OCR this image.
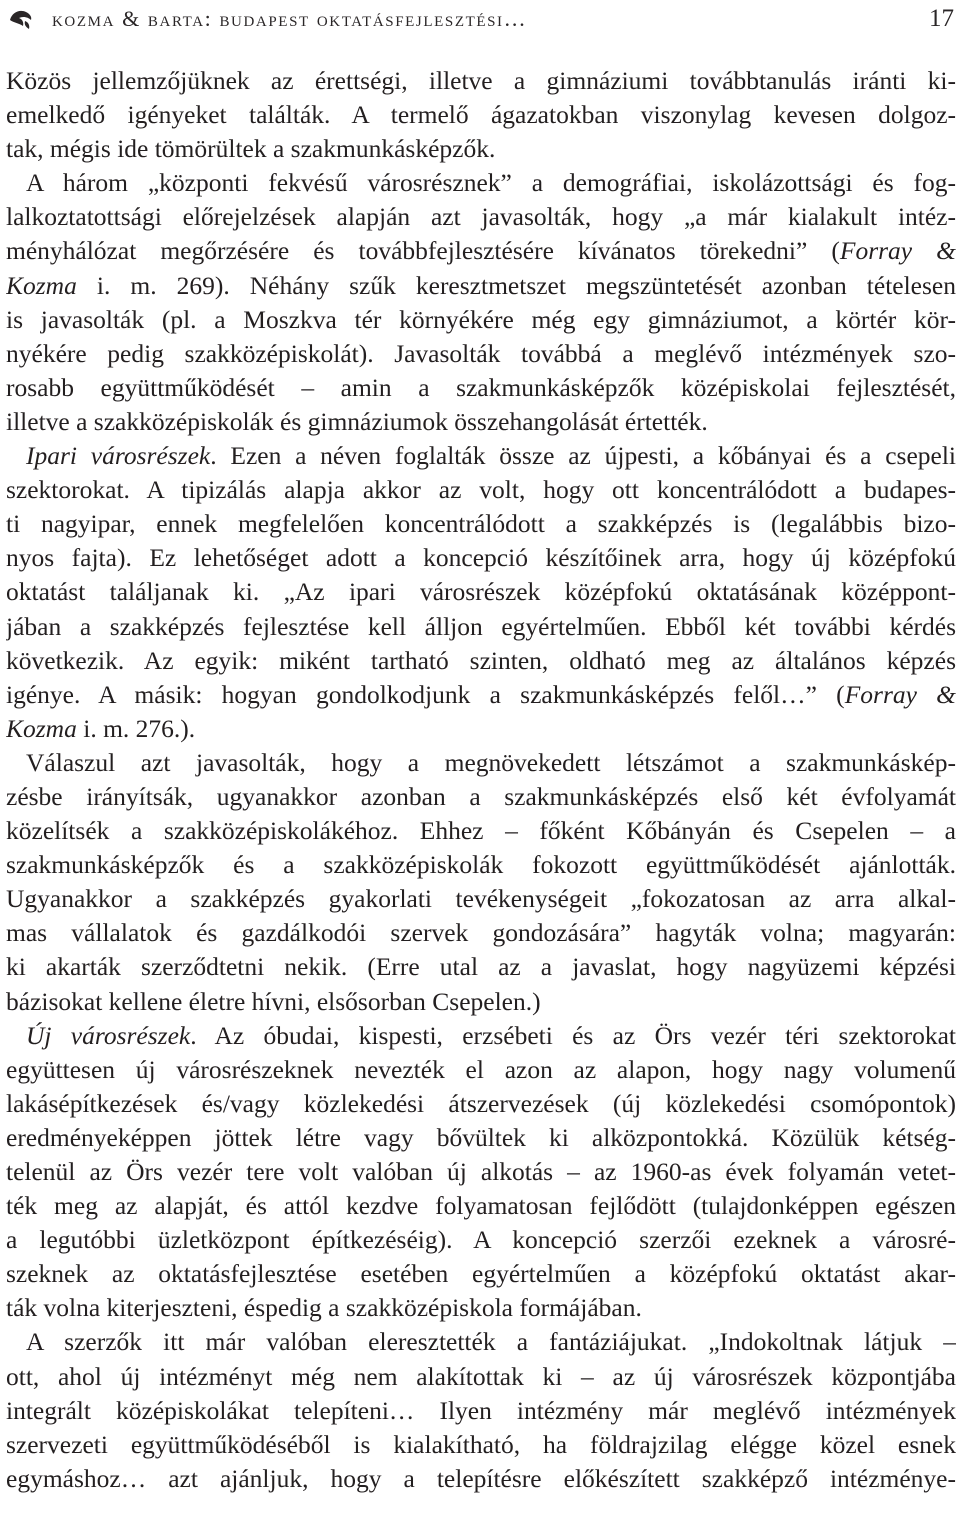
kozma & barta: budapest oktatásfejlesztési…	17
Közös jellemzőjüknek az érettségi, illetve a gimnáziumi továbbtanulás iránti ki-
emelkedő igényeket találták. A termelő ágazatokban viszonylag kevesen dolgoz-
tak, mégis ide tömörültek a szakmunkásképzők.
A három „központi fekvésű városrésznek” a demográfiai, iskolázottsági és fog-
lalkoztatottsági előrejelzések alapján azt javasolták, hogy „a már kialakult intéz-
ményhálózat megőrzésére és továbbfejlesztésére kívánatos törekedni” (Forray &
Kozma i. m. 269). Néhány szűk keresztmetszet megszüntetését azonban tételesen
is javasolták (pl. a Moszkva tér környékére még egy gimnáziumot, a körtér kör-
nyékére pedig szakközépiskolát). Javasolták továbbá a meglévő intézmények szo-
rosabb együttműködését – amin a szakmunkásképzők középiskolai fejlesztését,
illetve a szakközépiskolák és gimnáziumok összehangolását értették.
Ipari városrészek. Ezen a néven foglalták össze az újpesti, a kőbányai és a csepeli
szektorokat. A tipizálás alapja akkor az volt, hogy ott koncentrálódott a budapes-
ti nagyipar, ennek megfelelően koncentrálódott a szakképzés is (legalábbis bizo-
nyos fajta). Ez lehetőséget adott a koncepció készítőinek arra, hogy új középfokú
oktatást találjanak ki. „Az ipari városrészek középfokú oktatásának középpont-
jában a szakképzés fejlesztése kell álljon egyértelműen. Ebből két további kérdés
következik. Az egyik: miként tartható szinten, oldható meg az általános képzés
igénye. A másik: hogyan gondolkodjunk a szakmunkásképzés felől…” (Forray &
Kozma i. m. 276.).
Válaszul azt javasolták, hogy a megnövekedett létszámot a szakmunkáskép-
zésbe irányítsák, ugyanakkor azonban a szakmunkásképzés első két évfolyamát
közelítsék a szakközépiskolákéhoz. Ehhez – főként Kőbányán és Csepelen – a
szakmunkásképzők és a szakközépiskolák fokozott együttműködését ajánlották.
Ugyanakkor a szakképzés gyakorlati tevékenységeit „fokozatosan az arra alkal-
mas vállalatok és gazdálkodói szervek gondozására” hagyták volna; magyarán:
ki akarták szerződtetni nekik. (Erre utal az a javaslat, hogy nagyüzemi képzési
bázisokat kellene életre hívni, elsősorban Csepelen.)
Új városrészek. Az óbudai, kispesti, erzsébeti és az Örs vezér téri szektorokat
együttesen új városrészeknek nevezték el azon az alapon, hogy nagy volumenű
lakásépítkezések és/vagy közlekedési átszervezések (új közlekedési csomópontok)
eredményeképpen jöttek létre vagy bővültek ki alközpontokká. Közülük kétség-
telenül az Örs vezér tere volt valóban új alkotás – az 1960-as évek folyamán vetet-
ték meg az alapját, és attól kezdve folyamatosan fejlődött (tulajdonképpen egészen
a legutóbbi üzletközpont építkezéséig). A koncepció szerzői ezeknek a városré-
szeknek az oktatásfejlesztése esetében egyértelműen a középfokú oktatást akar-
ták volna kiterjeszteni, éspedig a szakközépiskola formájában.
A szerzők itt már valóban eleresztették a fantáziájukat. „Indokoltnak látjuk –
ott, ahol új intézményt még nem alakítottak ki – az új városrészek központjába
integrált középiskolákat telepíteni… Ilyen intézmény már meglévő intézmények
szervezeti együttműködéséből is kialakítható, ha földrajzilag elégge közel esnek
egymáshoz… azt ajánljuk, hogy a telepítésre előkészített szakképző intézménye-
